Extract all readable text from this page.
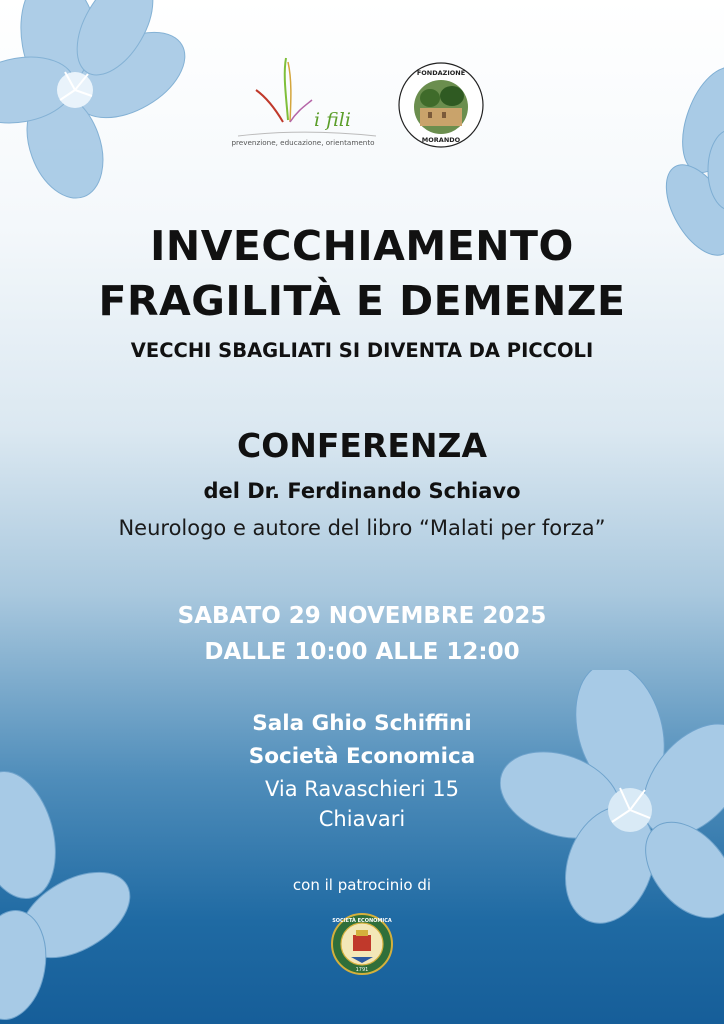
i fili
prevenzione, educazione, orientamento
FONDAZIONE
MORANDO
INVECCHIAMENTO
FRAGILITÀ E DEMENZE
VECCHI SBAGLIATI SI DIVENTA DA PICCOLI
CONFERENZA
del Dr. Ferdinando Schiavo
Neurologo e autore del libro “Malati per forza”
SABATO 29 NOVEMBRE 2025
DALLE 10:00 ALLE 12:00
Sala Ghio Schiffini
Società Economica
Via Ravaschieri 15
Chiavari
con il patrocinio di
SOCIETÀ ECONOMICA
1791
